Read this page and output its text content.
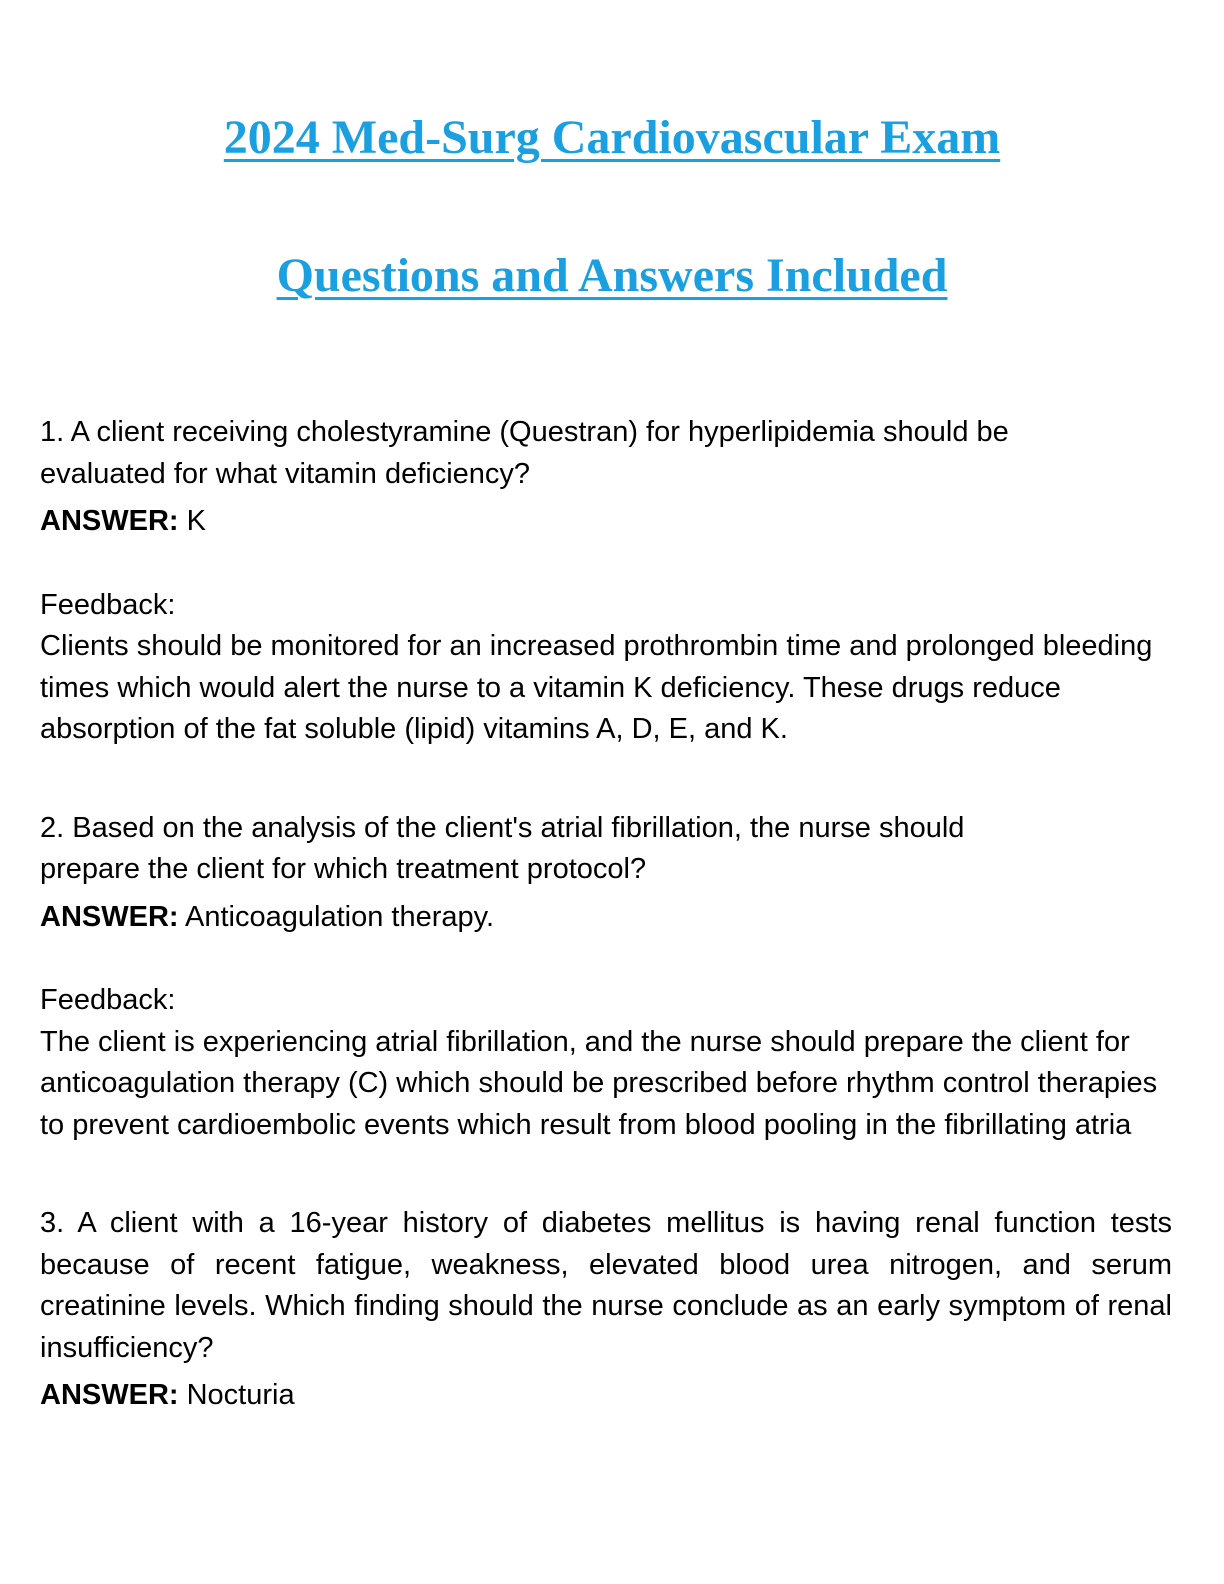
2024 Med-Surg Cardiovascular Exam
Questions and Answers Included

1. A client receiving cholestyramine (Questran) for hyperlipidemia should be evaluated for what vitamin deficiency?

ANSWER: K

Feedback:

Clients should be monitored for an increased prothrombin time and prolonged bleeding times which would alert the nurse to a vitamin K deficiency. These drugs reduce absorption of the fat soluble (lipid) vitamins A, D, E, and K.

2. Based on the analysis of the client's atrial fibrillation, the nurse should prepare the client for which treatment protocol?

ANSWER: Anticoagulation therapy.

Feedback:

The client is experiencing atrial fibrillation, and the nurse should prepare the client for anticoagulation therapy (C) which should be prescribed before rhythm control therapies to prevent cardioembolic events which result from blood pooling in the fibrillating atria

3. A client with a 16-year history of diabetes mellitus is having renal function tests because of recent fatigue, weakness, elevated blood urea nitrogen, and serum creatinine levels. Which finding should the nurse conclude as an early symptom of renal insufficiency?

ANSWER: Nocturia
